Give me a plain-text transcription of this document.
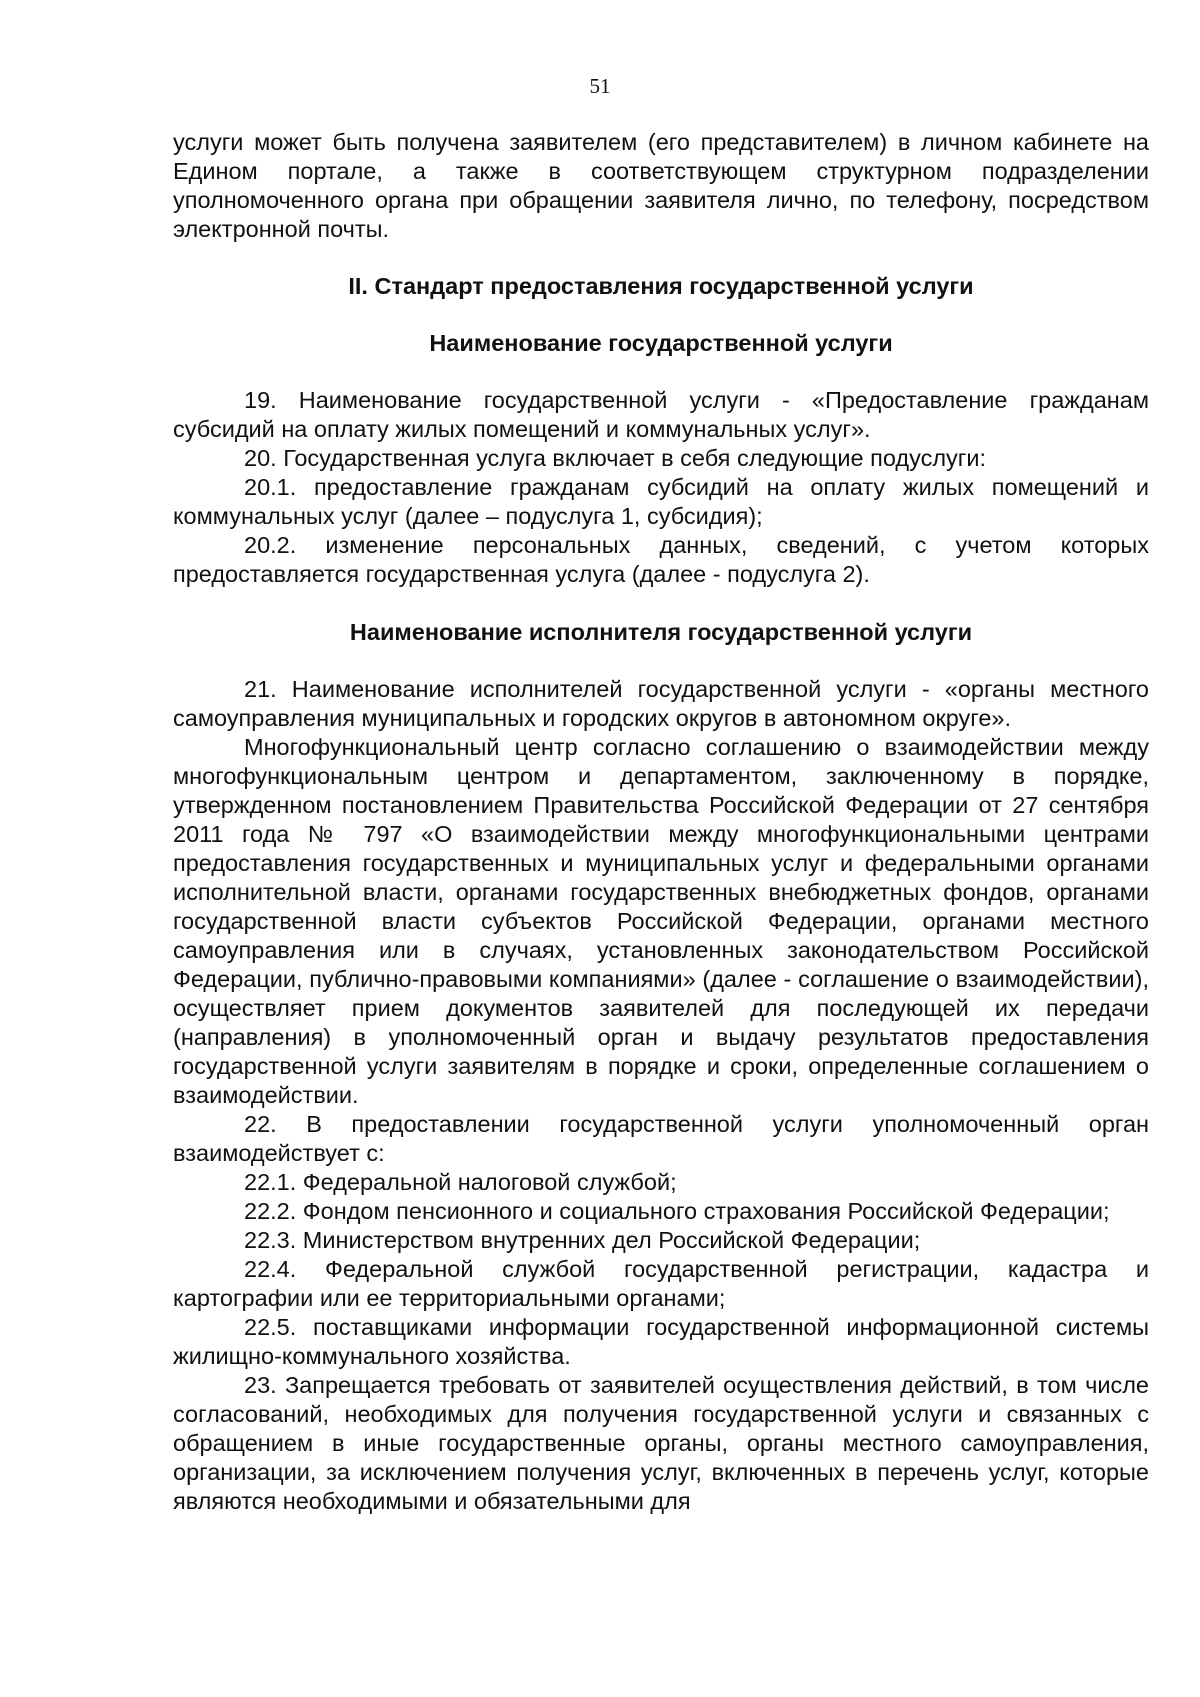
51

услуги может быть получена заявителем (его представителем) в личном кабинете на Едином портале, а также в соответствующем структурном подразделении уполномоченного органа при обращении заявителя лично, по телефону, посредством электронной почты.

II. Стандарт предоставления государственной услуги
Наименование государственной услуги

19. Наименование государственной услуги - «Предоставление гражданам субсидий на оплату жилых помещений и коммунальных услуг».

20. Государственная услуга включает в себя следующие подуслуги:

20.1. предоставление гражданам субсидий на оплату жилых помещений и коммунальных услуг (далее – подуслуга 1, субсидия);

20.2. изменение персональных данных, сведений, с учетом которых предоставляется государственная услуга (далее - подуслуга 2).

Наименование исполнителя государственной услуги

21. Наименование исполнителей государственной услуги - «органы местного самоуправления муниципальных и городских округов в автономном округе».

Многофункциональный центр согласно соглашению о взаимодействии между многофункциональным центром и департаментом, заключенному в порядке, утвержденном постановлением Правительства Российской Федерации от 27 сентября 2011 года № 797 «О взаимодействии между многофункциональными центрами предоставления государственных и муниципальных услуг и федеральными органами исполнительной власти, органами государственных внебюджетных фондов, органами государственной власти субъектов Российской Федерации, органами местного самоуправления или в случаях, установленных законодательством Российской Федерации, публично-правовыми компаниями» (далее - соглашение о взаимодействии), осуществляет прием документов заявителей для последующей их передачи (направления) в уполномоченный орган и выдачу результатов предоставления государственной услуги заявителям в порядке и сроки, определенные соглашением о взаимодействии.

22. В предоставлении государственной услуги уполномоченный орган взаимодействует с:

22.1. Федеральной налоговой службой;

22.2. Фондом пенсионного и социального страхования Российской Федерации;

22.3. Министерством внутренних дел Российской Федерации;

22.4. Федеральной службой государственной регистрации, кадастра и картографии или ее территориальными органами;

22.5. поставщиками информации государственной информационной системы жилищно-коммунального хозяйства.

23. Запрещается требовать от заявителей осуществления действий, в том числе согласований, необходимых для получения государственной услуги и связанных с обращением в иные государственные органы, органы местного самоуправления, организации, за исключением получения услуг, включенных в перечень услуг, которые являются необходимыми и обязательными для
